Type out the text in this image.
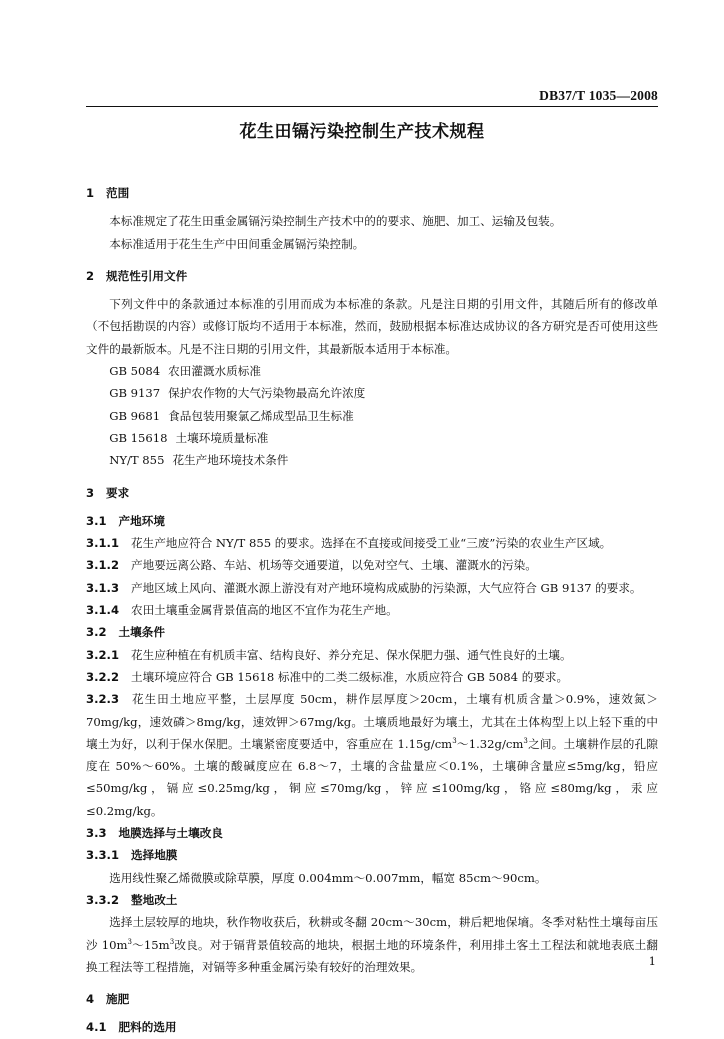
DB37/T 1035—2008
花生田镉污染控制生产技术规程
1 范围

本标准规定了花生田重金属镉污染控制生产技术中的的要求、施肥、加工、运输及包装。

本标准适用于花生生产中田间重金属镉污染控制。

2 规范性引用文件

下列文件中的条款通过本标准的引用而成为本标准的条款。凡是注日期的引用文件，其随后所有的修改单（不包括勘误的内容）或修订版均不适用于本标准，然而，鼓励根据本标准达成协议的各方研究是否可使用这些文件的最新版本。凡是不注日期的引用文件，其最新版本适用于本标准。

GB 5084 农田灌溉水质标准

GB 9137 保护农作物的大气污染物最高允许浓度

GB 9681 食品包装用聚氯乙烯成型品卫生标准

GB 15618 土壤环境质量标准

NY/T 855 花生产地环境技术条件

3 要求
3.1 产地环境

3.1.1 花生产地应符合 NY/T 855 的要求。选择在不直接或间接受工业“三废”污染的农业生产区域。

3.1.2 产地要远离公路、车站、机场等交通要道，以免对空气、土壤、灌溉水的污染。

3.1.3 产地区域上风向、灌溉水源上游没有对产地环境构成威胁的污染源，大气应符合 GB 9137 的要求。

3.1.4 农田土壤重金属背景值高的地区不宜作为花生产地。

3.2 土壤条件

3.2.1 花生应种植在有机质丰富、结构良好、养分充足、保水保肥力强、通气性良好的土壤。

3.2.2 土壤环境应符合 GB 15618 标准中的二类二级标准，水质应符合 GB 5084 的要求。

3.2.3 花生田土地应平整，土层厚度 50cm，耕作层厚度＞20cm，土壤有机质含量＞0.9%，速效氮＞70mg/kg，速效磷＞8mg/kg，速效钾＞67mg/kg。土壤质地最好为壤土，尤其在土体构型上以上轻下重的中壤土为好，以利于保水保肥。土壤紧密度要适中，容重应在 $1.15g/cm^3\sim 1.32g/cm^3$之间。土壤耕作层的孔隙度在 50%～60%。土壤的酸碱度应在 6.8～7，土壤的含盐量应＜0.1%，土壤砷含量应≤5mg/kg，铅应≤50mg/kg，镉应≤0.25mg/kg，铜应≤70mg/kg，锌应≤100mg/kg，铬应≤80mg/kg，汞应≤0.2mg/kg。

3.3 地膜选择与土壤改良
3.3.1 选择地膜

选用线性聚乙烯微膜或除草膜，厚度 0.004mm～0.007mm，幅宽 85cm～90cm。

3.3.2 整地改土

选择土层较厚的地块，秋作物收获后，秋耕或冬翻 20cm～30cm，耕后耙地保墒。冬季对粘性土壤每亩压沙 $10m^3\sim 15m^3$改良。对于镉背景值较高的地块，根据土地的环境条件，利用排土客土工程法和就地表底土翻换工程法等工程措施，对镉等多种重金属污染有较好的治理效果。

4 施肥
4.1 肥料的选用
1
